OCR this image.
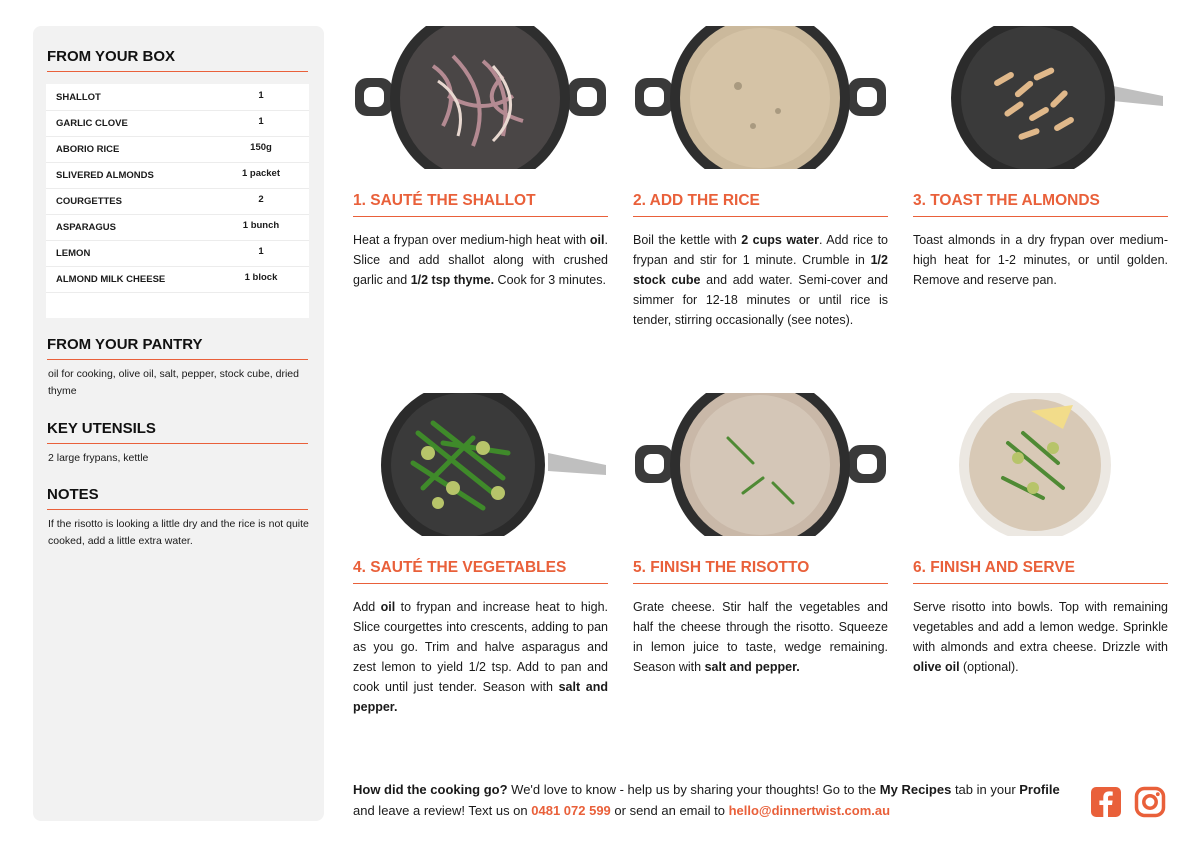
FROM YOUR BOX
SHALLOT	1
GARLIC CLOVE	1
ABORIO RICE	150g
SLIVERED ALMONDS	1 packet
COURGETTES	2
ASPARAGUS	1 bunch
LEMON	1
ALMOND MILK CHEESE	1 block
FROM YOUR PANTRY
oil for cooking, olive oil, salt, pepper, stock cube, dried thyme
KEY UTENSILS
2 large frypans, kettle
NOTES
If the risotto is looking a little dry and the rice is not quite cooked, add a little extra water.
1. SAUTÉ THE SHALLOT
Heat a frypan over medium-high heat with oil. Slice and add shallot along with crushed garlic and 1/2 tsp thyme. Cook for 3 minutes.
2. ADD THE RICE
Boil the kettle with 2 cups water. Add rice to frypan and stir for 1 minute. Crumble in 1/2 stock cube and add water. Semi-cover and simmer for 12-18 minutes or until rice is tender, stirring occasionally (see notes).
3. TOAST THE ALMONDS
Toast almonds in a dry frypan over medium-high heat for 1-2 minutes, or until golden. Remove and reserve pan.
4. SAUTÉ THE VEGETABLES
Add oil to frypan and increase heat to high. Slice courgettes into crescents, adding to pan as you go. Trim and halve asparagus and zest lemon to yield 1/2 tsp. Add to pan and cook until just tender. Season with salt and pepper.
5. FINISH THE RISOTTO
Grate cheese. Stir half the vegetables and half the cheese through the risotto. Squeeze in lemon juice to taste, wedge remaining. Season with salt and pepper.
6. FINISH AND SERVE
Serve risotto into bowls. Top with remaining vegetables and add a lemon wedge. Sprinkle with almonds and extra cheese. Drizzle with olive oil (optional).
How did the cooking go? We'd love to know - help us by sharing your thoughts! Go to the My Recipes tab in your Profile and leave a review! Text us on 0481 072 599 or send an email to hello@dinnertwist.com.au
